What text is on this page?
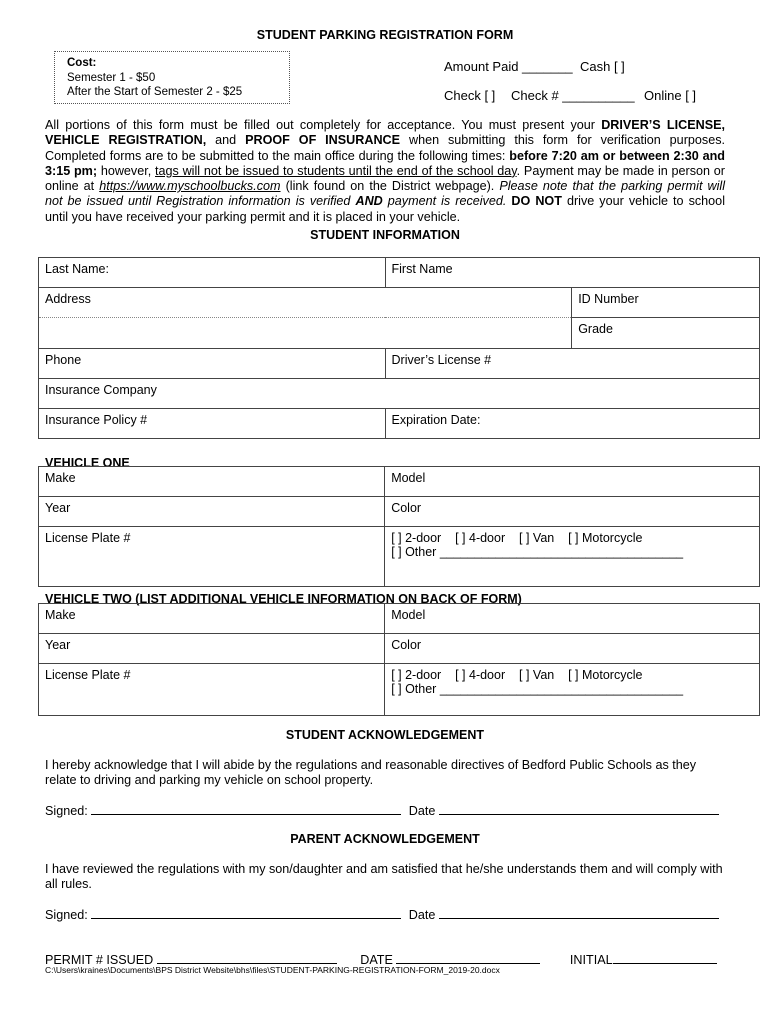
STUDENT PARKING REGISTRATION FORM
Cost:
Semester 1 - $50
After the Start of Semester 2 - $25
Amount Paid _______ Cash [ ]
Check [ ] Check # __________ Online [ ]
All portions of this form must be filled out completely for acceptance. You must present your DRIVER’S LICENSE,
VEHICLE REGISTRATION, and PROOF OF INSURANCE when submitting this form for verification purposes.
Completed forms are to be submitted to the main office during the following times: before 7:20 am or between 2:30 and
3:15 pm; however, tags will not be issued to students until the end of the school day. Payment may be made in person or
online at https://www.myschoolbucks.com (link found on the District webpage). Please note that the parking permit will
not be issued until Registration information is verified AND payment is received. DO NOT drive your vehicle to school
until you have received your parking permit and it is placed in your vehicle.
STUDENT INFORMATION
Last Name:	First Name	
Address		ID Number
		Grade
Phone	Driver’s License #	
Insurance Company		
Insurance Policy #	Expiration Date:	
VEHICLE ONE
Make	Model
Year	Color
License Plate #	[ ] 2-door    [ ] 4-door    [ ] Van    [ ] Motorcycle
[ ] Other ___________________________________
VEHICLE TWO (LIST ADDITIONAL VEHICLE INFORMATION ON BACK OF FORM)
Make	Model
Year	Color
License Plate #	[ ] 2-door    [ ] 4-door    [ ] Van    [ ] Motorcycle
[ ] Other ___________________________________
STUDENT ACKNOWLEDGEMENT
I hereby acknowledge that I will abide by the regulations and reasonable directives of Bedford Public Schools as they
relate to driving and parking my vehicle on school property.
Signed:	Date
PARENT ACKNOWLEDGEMENT
I have reviewed the regulations with my son/daughter and am satisfied that he/she understands them and will comply with
all rules.
Signed:	Date
PERMIT # ISSUED	DATE	INITIAL
C:\Users\kraines\Documents\BPS District Website\bhs\files\STUDENT-PARKING-REGISTRATION-FORM_2019-20.docx
